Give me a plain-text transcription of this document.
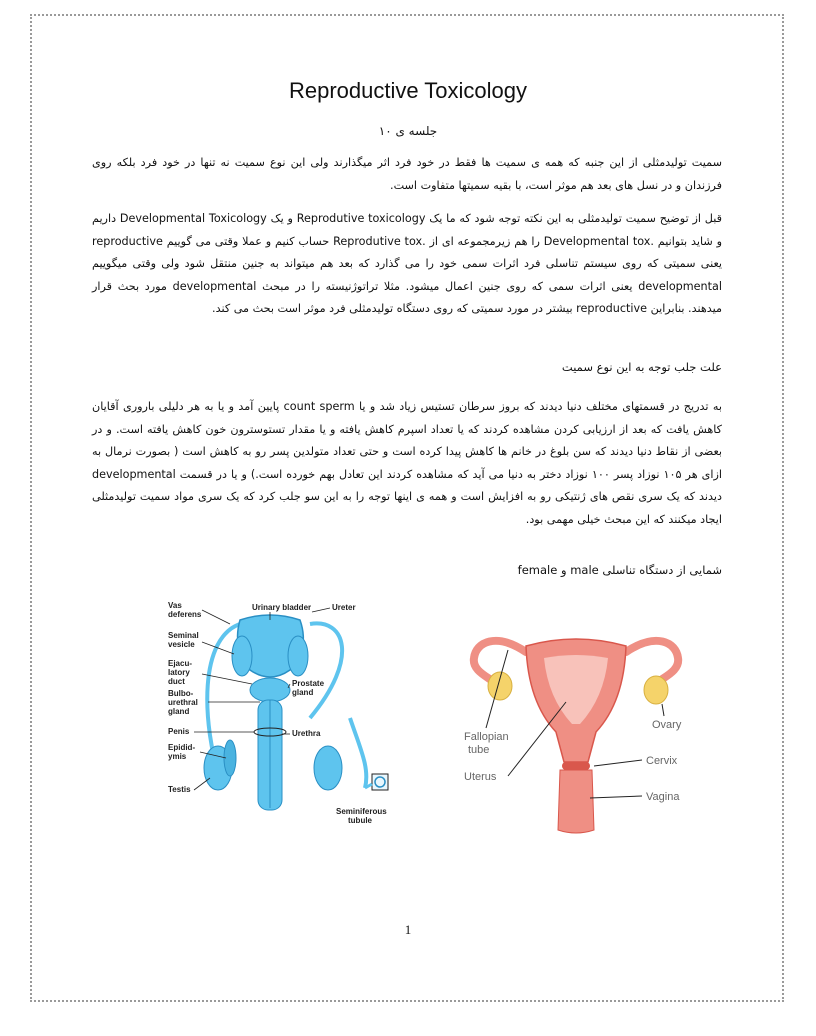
Reproductive Toxicology
جلسه ی ۱۰
سمیت تولیدمثلی از این جنبه که همه ی سمیت ها فقط در خود فرد اثر میگذارند ولی این نوع سمیت نه تنها در خود فرد بلکه روی فرزندان و در نسل های بعد هم موثر است، با بقیه سمیتها متفاوت است.
قبل از توضیح سمیت تولیدمثلی به این نکته توجه شود که ما یک Reprodutive toxicology و یک Developmental Toxicology داریم و شاید بتوانیم .Developmental tox را هم زیرمجموعه ای از .Reprodutive tox حساب کنیم و عملا وقتی می گوییم reproductive یعنی سمیتی که روی سیستم تناسلی فرد اثرات سمی خود را می گذارد که بعد هم میتواند به جنین منتقل شود ولی وقتی میگوییم developmental یعنی اثرات سمی که روی جنین اعمال میشود. مثلا تراتوژنیسته را در مبحث developmental مورد بحث قرار میدهند. بنابراین reproductive بیشتر در مورد سمیتی که روی دستگاه تولیدمثلی فرد موثر است بحث می کند.
علت جلب توجه به این نوع سمیت
به تدریج در قسمتهای مختلف دنیا دیدند که بروز سرطان تستیس زیاد شد و یا count sperm پایین آمد و یا به هر دلیلی باروری آقایان کاهش یافت که بعد از ارزیابی کردن مشاهده کردند که یا تعداد اسپرم کاهش یافته و یا مقدار تستوسترون خون کاهش یافته است. و در بعضی از نقاط دنیا دیدند که سن بلوغ در خانم ها کاهش پیدا کرده است و حتی تعداد متولدین پسر رو به کاهش است ( بصورت نرمال به ازای هر ۱۰۵ نوزاد پسر ۱۰۰ نوزاد دختر به دنیا می آید که مشاهده کردند این تعادل بهم خورده است.) و یا در قسمت developmental دیدند که یک سری نقص های ژنتیکی رو به افزایش است و همه ی اینها توجه را به این سو جلب کرد که یک سری مواد سمیت تولیدمثلی ایجاد میکنند که این مبحث خیلی مهمی بود.
شمایی از دستگاه تناسلی male و female
Vas deferens
Seminal vesicle
Ejacu- latory duct
Bulbo- urethral gland
Penis
Epidid- ymis
Testis
Urinary bladder	Ureter
Prostate gland
Urethra
Seminiferous tubule
Fallopian tube
Uterus
Ovary
Cervix
Vagina
1
